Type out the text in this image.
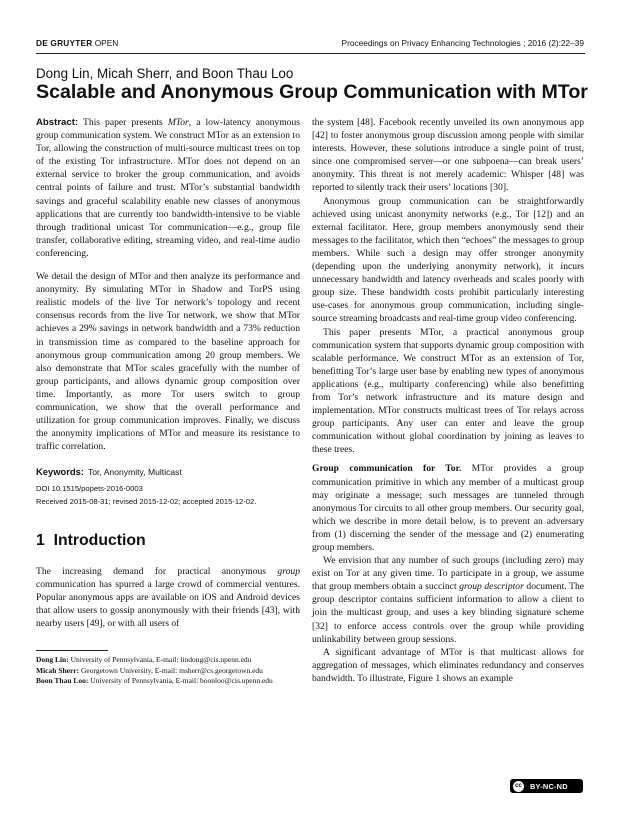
DE GRUYTER OPEN	Proceedings on Privacy Enhancing Technologies ; 2016 (2):22–39
Dong Lin, Micah Sherr, and Boon Thau Loo
Scalable and Anonymous Group Communication with MTor

Abstract: This paper presents MTor, a low-latency anonymous group communication system. We construct MTor as an extension to Tor, allowing the construction of multi-source multicast trees on top of the existing Tor infrastructure. MTor does not depend on an external service to broker the group communication, and avoids central points of failure and trust. MTor’s substantial bandwidth savings and graceful scalability enable new classes of anonymous applications that are currently too bandwidth-intensive to be viable through traditional unicast Tor communication—e.g., group file transfer, collaborative editing, streaming video, and real-time audio conferencing.

We detail the design of MTor and then analyze its performance and anonymity. By simulating MTor in Shadow and TorPS using realistic models of the live Tor network’s topology and recent consensus records from the live Tor network, we show that MTor achieves a 29% savings in network bandwidth and a 73% reduction in transmission time as compared to the baseline approach for anonymous group communication among 20 group members. We also demonstrate that MTor scales gracefully with the number of group participants, and allows dynamic group composition over time. Importantly, as more Tor users switch to group communication, we show that the overall performance and utilization for group communication improves. Finally, we discuss the anonymity implications of MTor and measure its resistance to traffic correlation.

Keywords: Tor, Anonymity, Multicast
DOI 10.1515/popets-2016-0003
Received 2015-08-31; revised 2015-12-02; accepted 2015-12-02.
1 Introduction

The increasing demand for practical anonymous group communication has spurred a large crowd of commercial ventures. Popular anonymous apps are available on iOS and Android devices that allow users to gossip anonymously with their friends [43], with nearby users [49], or with all users of

Dong Lin: University of Pennsylvania, E-mail: lindong@cis.upenn.edu

Micah Sherr: Georgetown University, E-mail: msherr@cs.georgetown.edu

Boon Thau Loo: University of Pennsylvania, E-mail: boonloo@cis.upenn.edu

the system [48]. Facebook recently unveiled its own anonymous app [42] to foster anonymous group discussion among people with similar interests. However, these solutions introduce a single point of trust, since one compromised server—or one subpoena—can break users’ anonymity. This threat is not merely academic: Whisper [48] was reported to silently track their users’ locations [30].

Anonymous group communication can be straightforwardly achieved using unicast anonymity networks (e.g., Tor [12]) and an external facilitator. Here, group members anonymously send their messages to the facilitator, which then “echoes” the messages to group members. While such a design may offer stronger anonymity (depending upon the underlying anonymity network), it incurs unnecessary bandwidth and latency overheads and scales poorly with group size. These bandwidth costs prohibit particularly interesting use-cases for anonymous group communication, including single-source streaming broadcasts and real-time group video conferencing.

This paper presents MTor, a practical anonymous group communication system that supports dynamic group composition with scalable performance. We construct MTor as an extension of Tor, benefitting Tor’s large user base by enabling new types of anonymous applications (e.g., multiparty conferencing) while also benefitting from Tor’s network infrastructure and its mature design and implementation. MTor constructs multicast trees of Tor relays across group participants. Any user can enter and leave the group communication without global coordination by joining as leaves to these trees.

Group communication for Tor. MTor provides a group communication primitive in which any member of a multicast group may originate a message; such messages are tunneled through anonymous Tor circuits to all other group members. Our security goal, which we describe in more detail below, is to prevent an adversary from (1) discerning the sender of the message and (2) enumerating group members.

We envision that any number of such groups (including zero) may exist on Tor at any given time. To participate in a group, we assume that group members obtain a succinct group descriptor document. The group descriptor contains sufficient information to allow a client to join the multicast group, and uses a key blinding signature scheme [32] to enforce access controls over the group while providing unlinkability between group sessions.

A significant advantage of MTor is that multicast allows for aggregation of messages, which eliminates redundancy and conserves bandwidth. To illustrate, Figure 1 shows an example

cc BY-NC-ND
